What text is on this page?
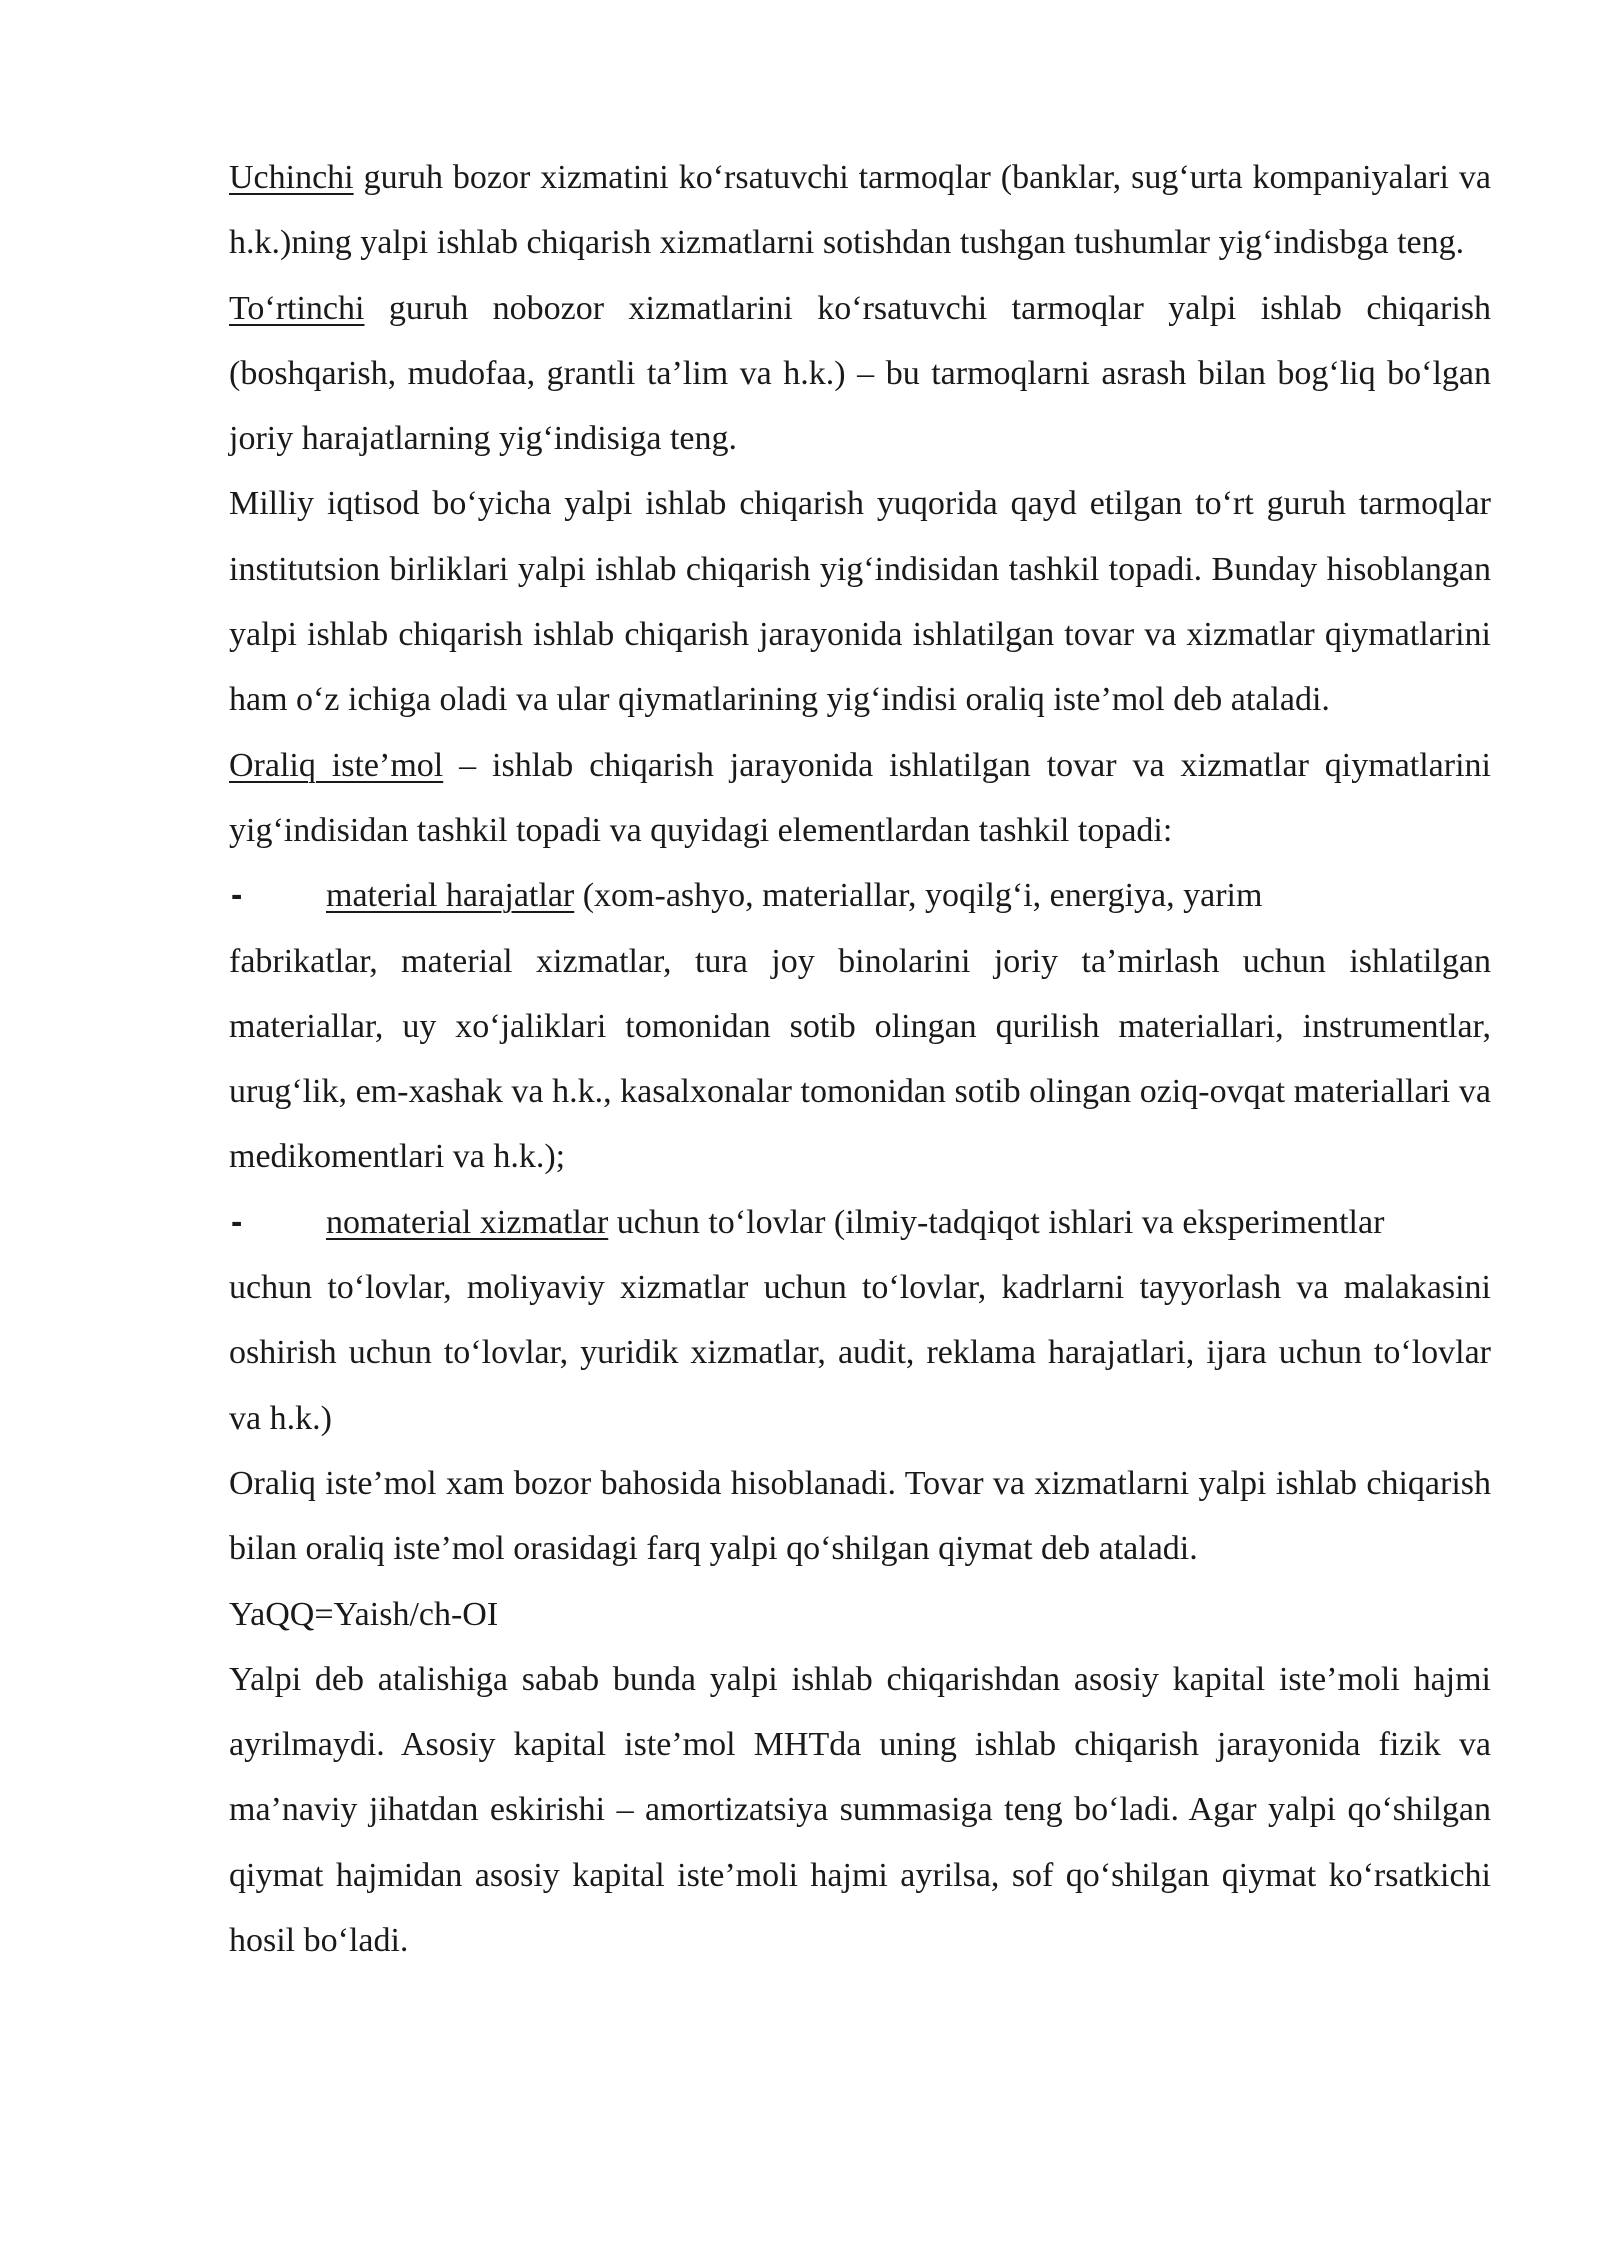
Uchinchi guruh bozor xizmatini ko‘rsatuvchi tarmoqlar (banklar, sug‘urta kompaniyalari va h.k.)ning yalpi ishlab chiqarish xizmatlarni sotishdan tushgan tushumlar yig‘indisbga teng.

To‘rtinchi guruh nobozor xizmatlarini ko‘rsatuvchi tarmoqlar yalpi ishlab chiqarish (boshqarish, mudofaa, grantli ta’lim va h.k.) – bu tarmoqlarni asrash bilan bog‘liq bo‘lgan joriy harajatlarning yig‘indisiga teng.

Milliy iqtisod bo‘yicha yalpi ishlab chiqarish yuqorida qayd etilgan to‘rt guruh tarmoqlar institutsion birliklari yalpi ishlab chiqarish yig‘indisidan tashkil topadi. Bunday hisoblangan yalpi ishlab chiqarish ishlab chiqarish jarayonida ishlatilgan tovar va xizmatlar qiymatlarini ham o‘z ichiga oladi va ular qiymatlarining yig‘indisi oraliq iste’mol deb ataladi.

Oraliq iste’mol – ishlab chiqarish jarayonida ishlatilgan tovar va xizmatlar qiymatlarini yig‘indisidan tashkil topadi va quyidagi elementlardan tashkil topadi:

-	material harajatlar (xom-ashyo, materiallar, yoqilg‘i, energiya, yarim
fabrikatlar, material xizmatlar, tura joy binolarini joriy ta’mirlash uchun ishlatilgan materiallar, uy xo‘jaliklari tomonidan sotib olingan qurilish materiallari, instrumentlar, urug‘lik, em-xashak va h.k., kasalxonalar tomonidan sotib olingan oziq-ovqat materiallari va medikomentlari va h.k.);
-	nomaterial xizmatlar uchun to‘lovlar (ilmiy-tadqiqot ishlari va eksperimentlar
uchun to‘lovlar, moliyaviy xizmatlar uchun to‘lovlar, kadrlarni tayyorlash va malakasini oshirish uchun to‘lovlar, yuridik xizmatlar, audit, reklama harajatlari, ijara uchun to‘lovlar va h.k.)

Oraliq iste’mol xam bozor bahosida hisoblanadi. Tovar va xizmatlarni yalpi ishlab chiqarish bilan oraliq iste’mol orasidagi farq yalpi qo‘shilgan qiymat deb ataladi.

YaQQ=Yaish/ch-OI

Yalpi deb atalishiga sabab bunda yalpi ishlab chiqarishdan asosiy kapital iste’moli hajmi ayrilmaydi. Asosiy kapital iste’mol MHTda uning ishlab chiqarish jarayonida fizik va ma’naviy jihatdan eskirishi – amortizatsiya summasiga teng bo‘ladi. Agar yalpi qo‘shilgan qiymat hajmidan asosiy kapital iste’moli hajmi ayrilsa, sof qo‘shilgan qiymat ko‘rsatkichi hosil bo‘ladi.
